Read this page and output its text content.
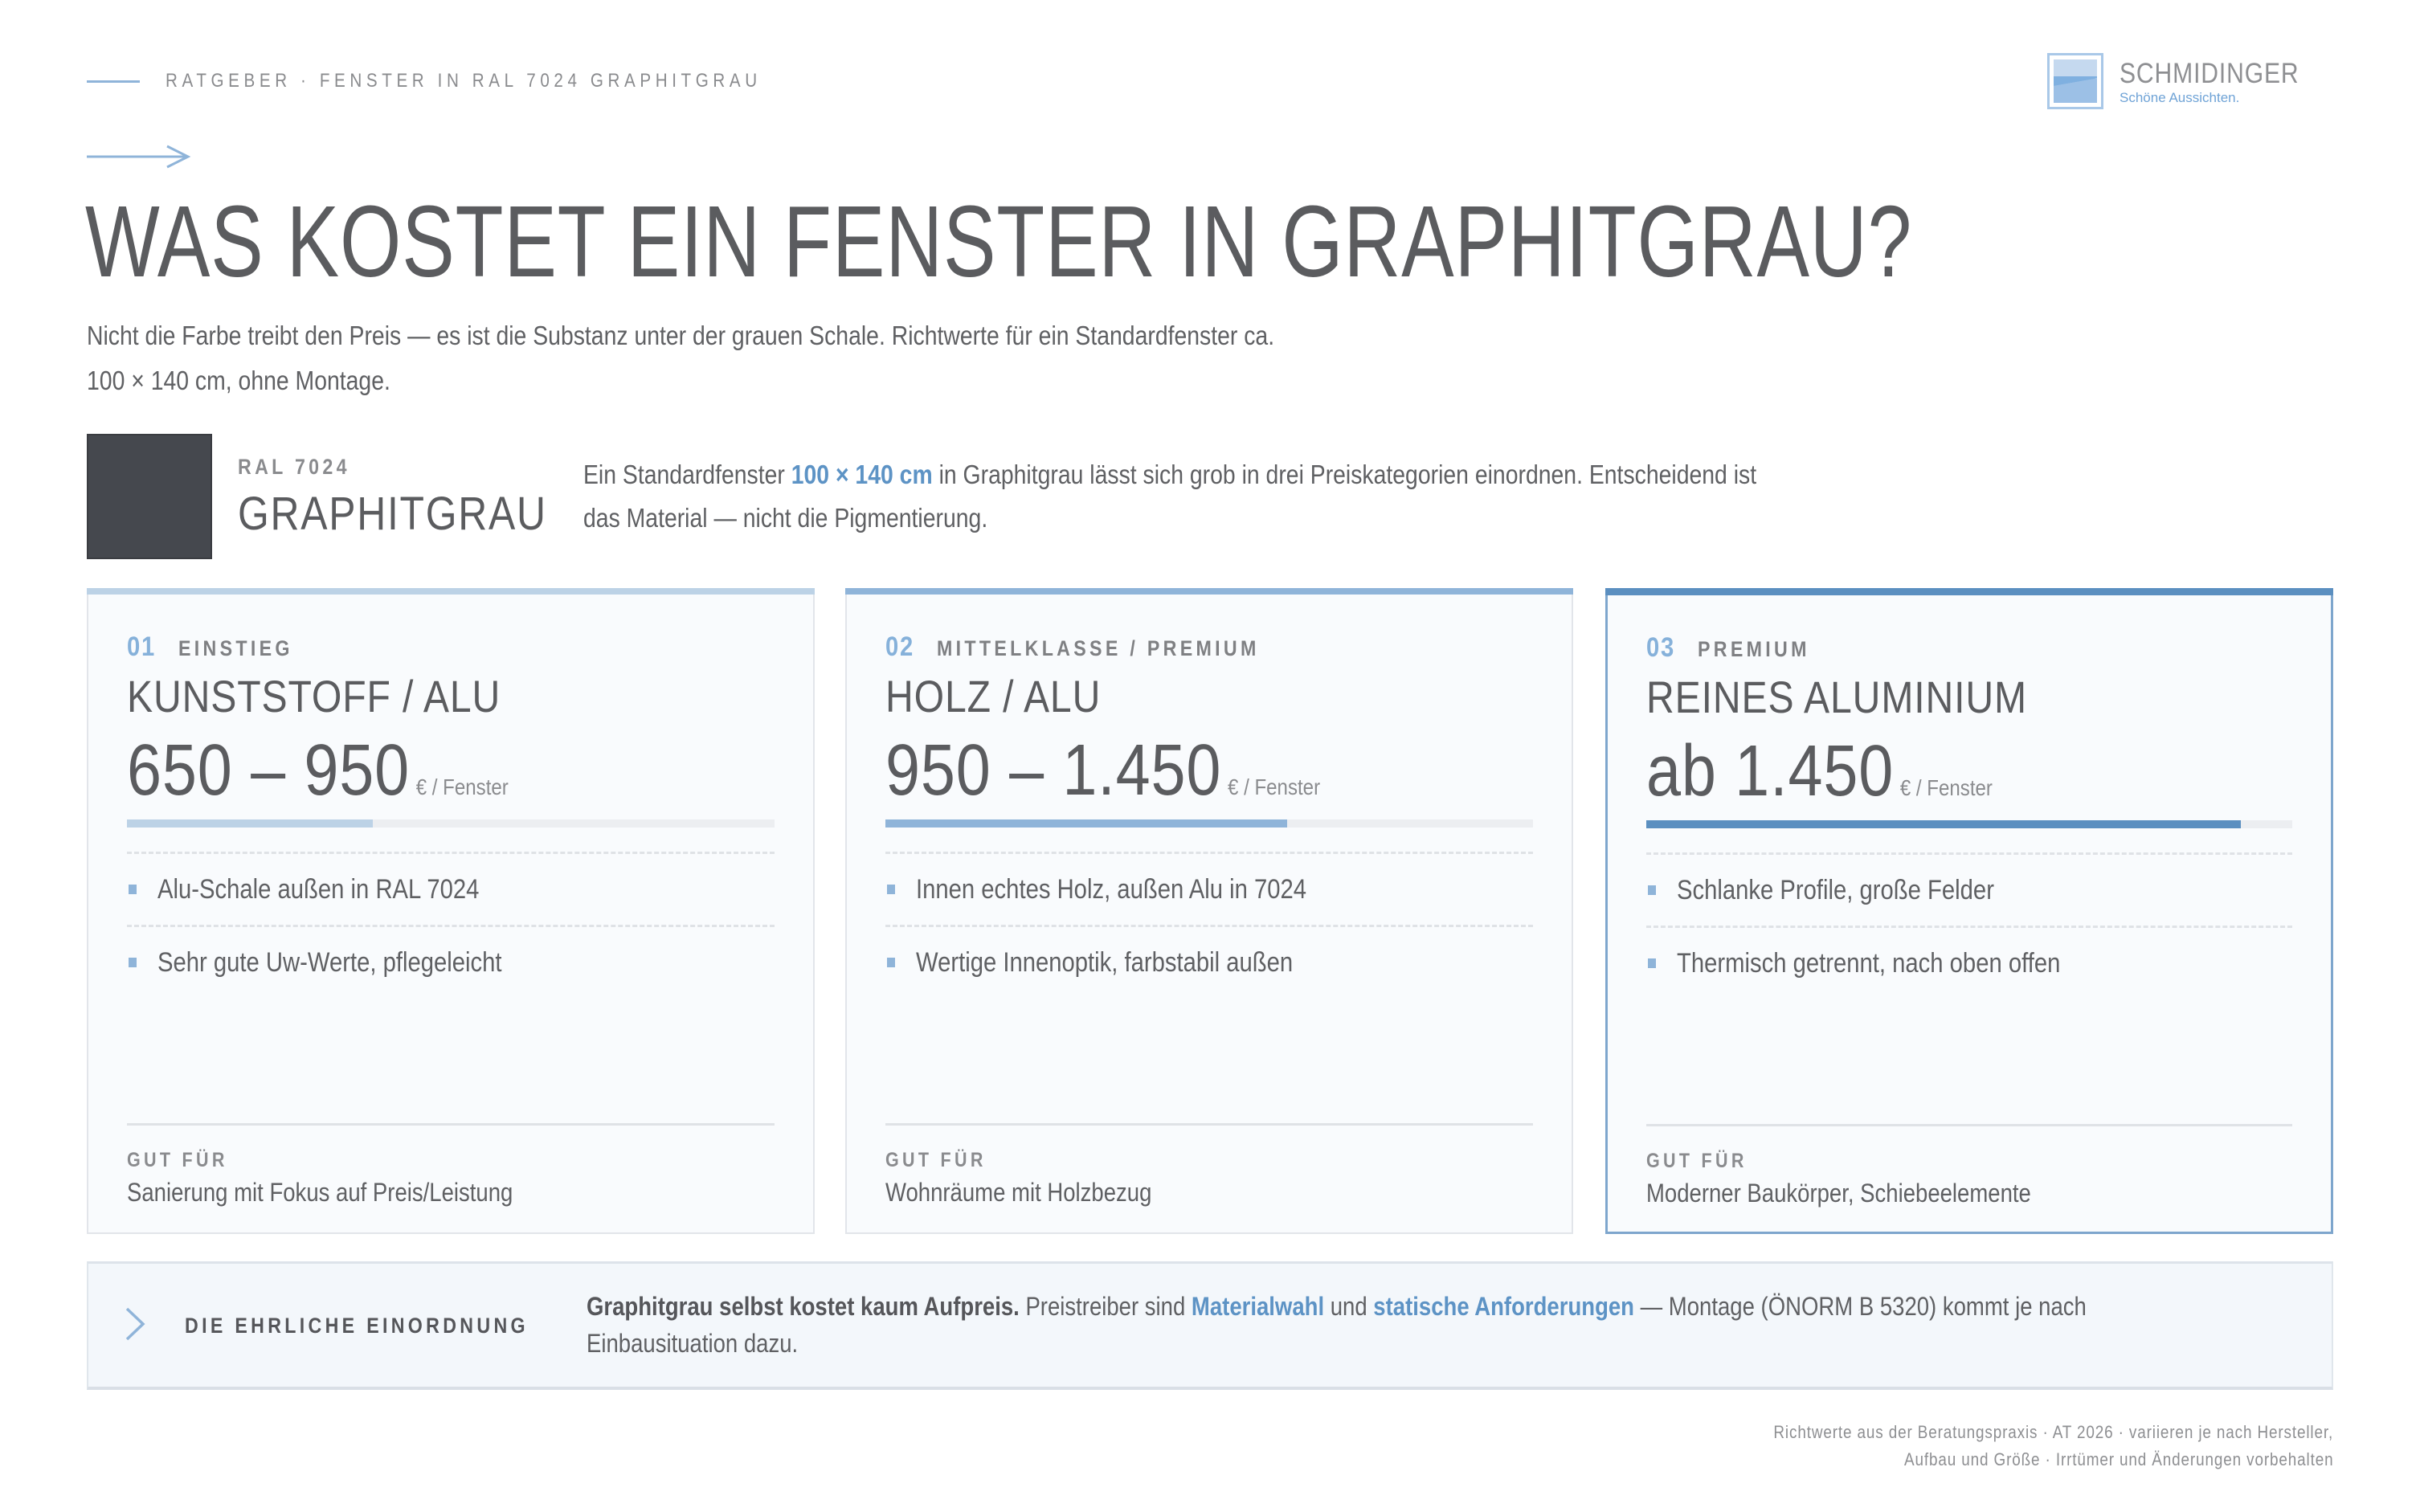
RATGEBER · FENSTER IN RAL 7024 GRAPHITGRAU	SCHMIDINGER
Schöne Aussichten.
WAS KOSTET EIN FENSTER IN GRAPHITGRAU?
Nicht die Farbe treibt den Preis — es ist die Substanz unter der grauen Schale. Richtwerte für ein Standardfenster ca.
100 × 140 cm, ohne Montage.
RAL 7024
GRAPHITGRAU
Ein Standardfenster 100 × 140 cm in Graphitgrau lässt sich grob in drei Preiskategorien einordnen. Entscheidend ist
das Material — nicht die Pigmentierung.
01 EINSTIEG
KUNSTSTOFF / ALU
650 – 950
€ / Fenster
Alu-Schale außen in RAL 7024
Sehr gute Uw-Werte, pflegeleicht
GUT FÜR
Sanierung mit Fokus auf Preis/Leistung
02 MITTELKLASSE / PREMIUM
HOLZ / ALU
950 – 1.450
€ / Fenster
Innen echtes Holz, außen Alu in 7024
Wertige Innenoptik, farbstabil außen
GUT FÜR
Wohnräume mit Holzbezug
03 PREMIUM
REINES ALUMINIUM
ab 1.450
€ / Fenster
Schlanke Profile, große Felder
Thermisch getrennt, nach oben offen
GUT FÜR
Moderner Baukörper, Schiebeelemente
DIE EHRLICHE EINORDNUNG
Graphitgrau selbst kostet kaum Aufpreis. Preistreiber sind Materialwahl und statische Anforderungen — Montage (ÖNORM B 5320) kommt je nach
Einbausituation dazu.
Richtwerte aus der Beratungspraxis · AT 2026 · variieren je nach Hersteller,
Aufbau und Größe · Irrtümer und Änderungen vorbehalten
